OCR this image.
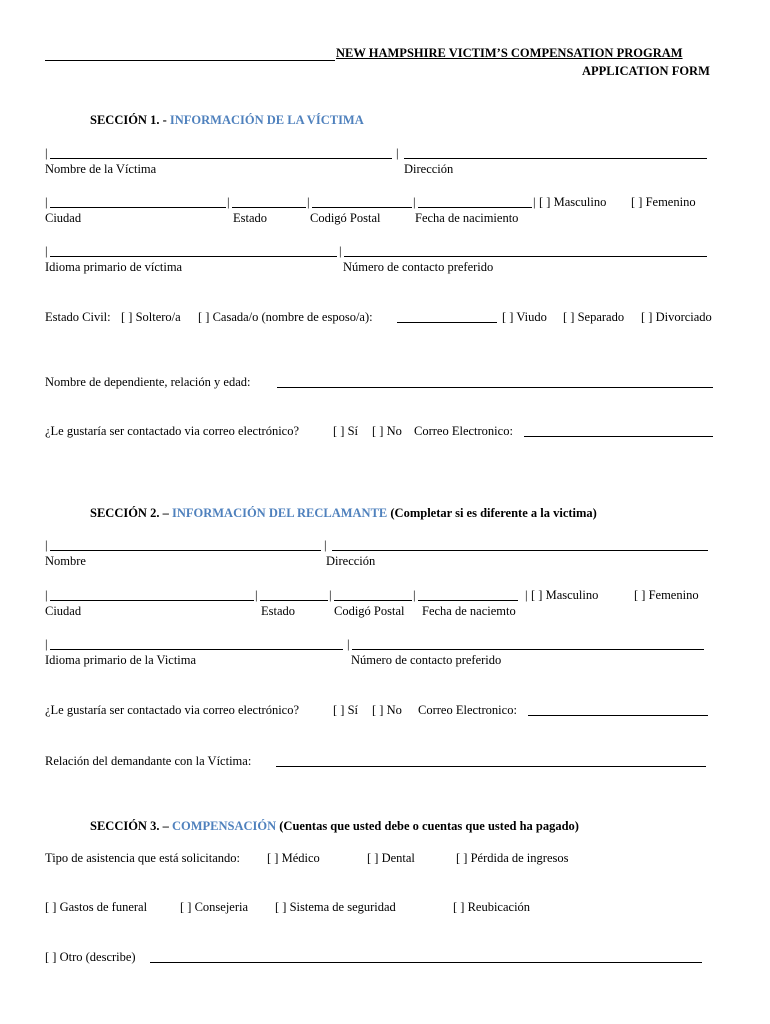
NEW HAMPSHIRE VICTIM’S COMPENSATION PROGRAM
APPLICATION FORM
SECCIÓN 1. - INFORMACIÓN DE LA VÍCTIMA
|	|
Nombre de la Víctima	Dirección
|	|	|	|	| [ ] Masculino [ ] Femenino
Ciudad	Estado	Codigó Postal	Fecha de nacimiento
|	|
Idioma primario de víctima	Número de contacto preferido
Estado Civil: [ ] Soltero/a [ ] Casada/o (nombre de esposo/a):	[ ] Viudo [ ] Separado [ ] Divorciado
Nombre de dependiente, relación y edad:
¿Le gustaría ser contactado via correo electrónico?	[ ] Sí [ ] No Correo Electronico:
SECCIÓN 2. – INFORMACIÓN DEL RECLAMANTE (Completar si es diferente a la victima)
|	|
Nombre	Dirección
|	|	|	|	| [ ] Masculino	[ ] Femenino
Ciudad	Estado	Codigó Postal Fecha de naciemto
|	|
Idioma primario de la Victima	Número de contacto preferido
¿Le gustaría ser contactado via correo electrónico?	[ ] Sí [ ] No Correo Electronico:
Relación del demandante con la Víctima:
SECCIÓN 3. – COMPENSACIÓN (Cuentas que usted debe o cuentas que usted ha pagado)
Tipo de asistencia que está solicitando: [ ] Médico	[ ] Dental	[ ] Pérdida de ingresos
[ ] Gastos de funeral	[ ] Consejeria [ ] Sistema de seguridad	[ ] Reubicación
[ ] Otro (describe)
